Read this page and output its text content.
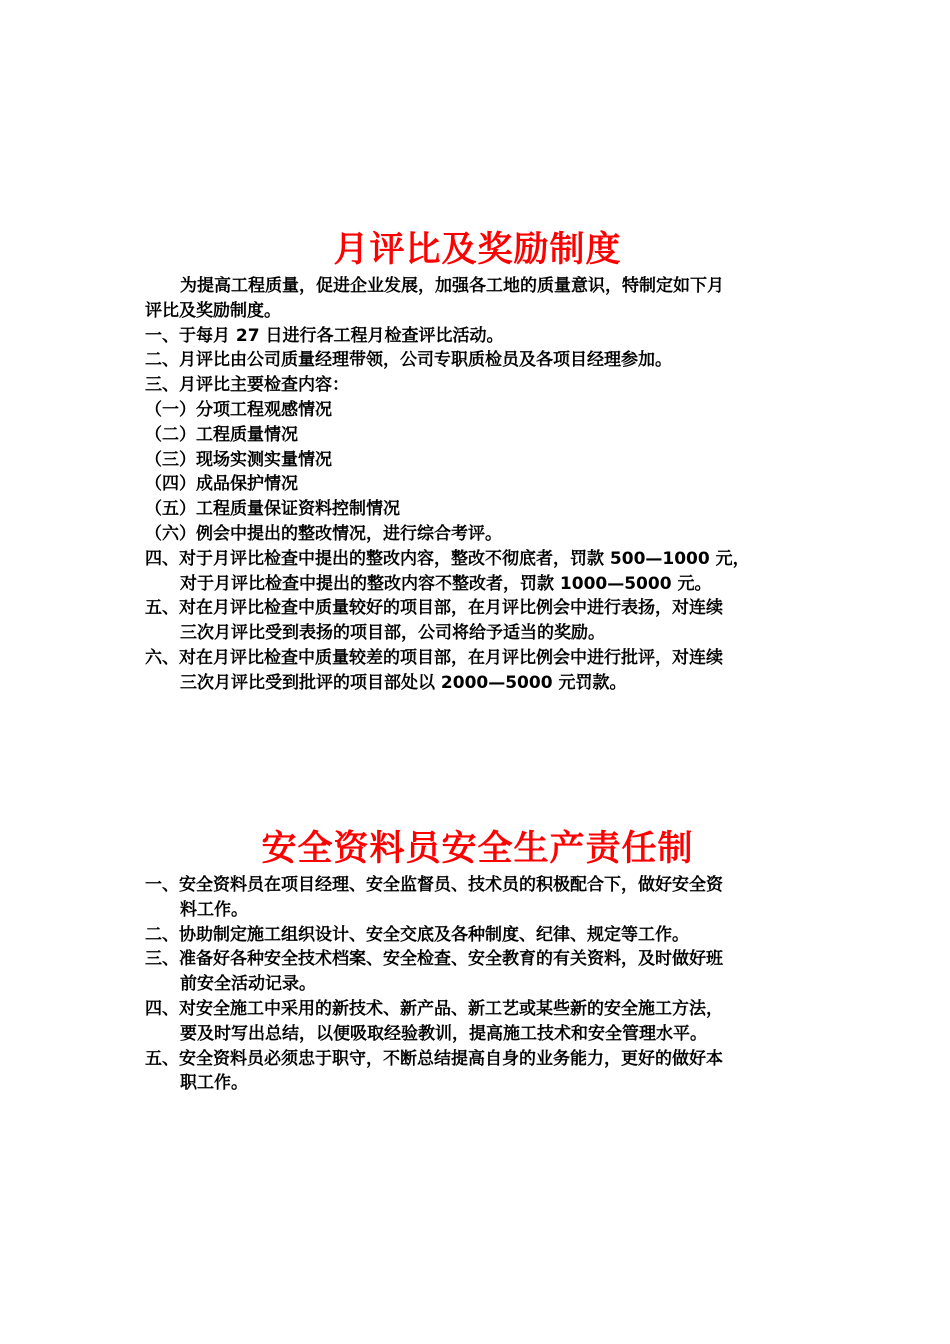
月评比及奖励制度

为提高工程质量，促进企业发展，加强各工地的质量意识，特制定如下月

评比及奖励制度。

一、于每月 27 日进行各工程月检查评比活动。

二、月评比由公司质量经理带领，公司专职质检员及各项目经理参加。

三、月评比主要检查内容：

（一）分项工程观感情况

（二）工程质量情况

（三）现场实测实量情况

（四）成品保护情况

（五）工程质量保证资料控制情况

（六）例会中提出的整改情况，进行综合考评。

四、对于月评比检查中提出的整改内容，整改不彻底者，罚款 500—1000 元，

对于月评比检查中提出的整改内容不整改者，罚款 1000—5000 元。

五、对在月评比检查中质量较好的项目部，在月评比例会中进行表扬，对连续

三次月评比受到表扬的项目部，公司将给予适当的奖励。

六、对在月评比检查中质量较差的项目部，在月评比例会中进行批评，对连续

三次月评比受到批评的项目部处以 2000—5000 元罚款。

安全资料员安全生产责任制

一、安全资料员在项目经理、安全监督员、技术员的积极配合下，做好安全资

料工作。

二、协助制定施工组织设计、安全交底及各种制度、纪律、规定等工作。

三、准备好各种安全技术档案、安全检查、安全教育的有关资料，及时做好班

前安全活动记录。

四、对安全施工中采用的新技术、新产品、新工艺或某些新的安全施工方法，

要及时写出总结，以便吸取经验教训，提高施工技术和安全管理水平。

五、安全资料员必须忠于职守，不断总结提高自身的业务能力，更好的做好本

职工作。
